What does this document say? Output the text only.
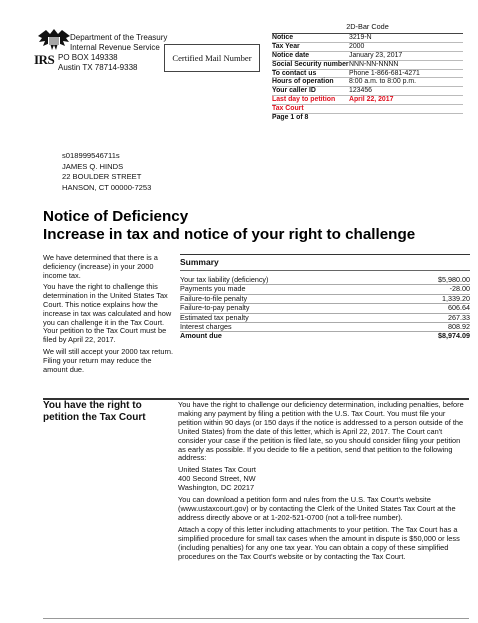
Department of the Treasury
Internal Revenue Service
IRS PO BOX 149338
Austin TX 78714-9338
Certified Mail Number
2D-Bar Code
Notice	3219-N
Tax Year	2000
Notice date	January 23, 2017
Social Security number NNN-NN-NNNN
To contact us	Phone 1-866-681-4271
Hours of operation	8:00 a.m. to 8:00 p.m.
Your caller ID	123456
Last day to petition	April 22, 2017
Tax Court
Page 1 of 8
s018999546711s
JAMES Q. HINDS
22 BOULDER STREET
HANSON, CT 00000-7253
Notice of Deficiency
Increase in tax and notice of your right to challenge

We have determined that there is a deficiency (increase) in your 2000 income tax.

You have the right to challenge this determination in the United States Tax Court. This notice explains how the increase in tax was calculated and how you can challenge it in the Tax Court. Your petition to the Tax Court must be filed by April 22, 2017.

We will still accept your 2000 tax return. Filing your return may reduce the amount due.

Summary
Your tax liability (deficiency)	$5,980.00
Payments you made	-28.00
Failure-to-file penalty	1,339.20
Failure-to-pay penalty	606.64
Estimated tax penalty	267.33
Interest charges	808.92
Amount due	$8,974.09
You have the right to petition the Tax Court

You have the right to challenge our deficiency determination, including penalties, before making any payment by filing a petition with the U.S. Tax Court. You must file your petition within 90 days (or 150 days if the notice is addressed to a person outside of the United States) from the date of this letter, which is April 22, 2017. The Court can't consider your case if the petition is filed late, so you should consider filing your petition as early as possible. If you decide to file a petition, send that petition to the following address:

United States Tax Court
400 Second Street, NW
Washington, DC 20217

You can download a petition form and rules from the U.S. Tax Court's website (www.ustaxcourt.gov) or by contacting the Clerk of the United States Tax Court at the address directly above or at 1-202-521-0700 (not a toll-free number).

Attach a copy of this letter including attachments to your petition. The Tax Court has a simplified procedure for small tax cases when the amount in dispute is $50,000 or less (including penalties) for any one tax year. You can obtain a copy of these simplified procedures on the Tax Court's website or by contacting the Tax Court.
